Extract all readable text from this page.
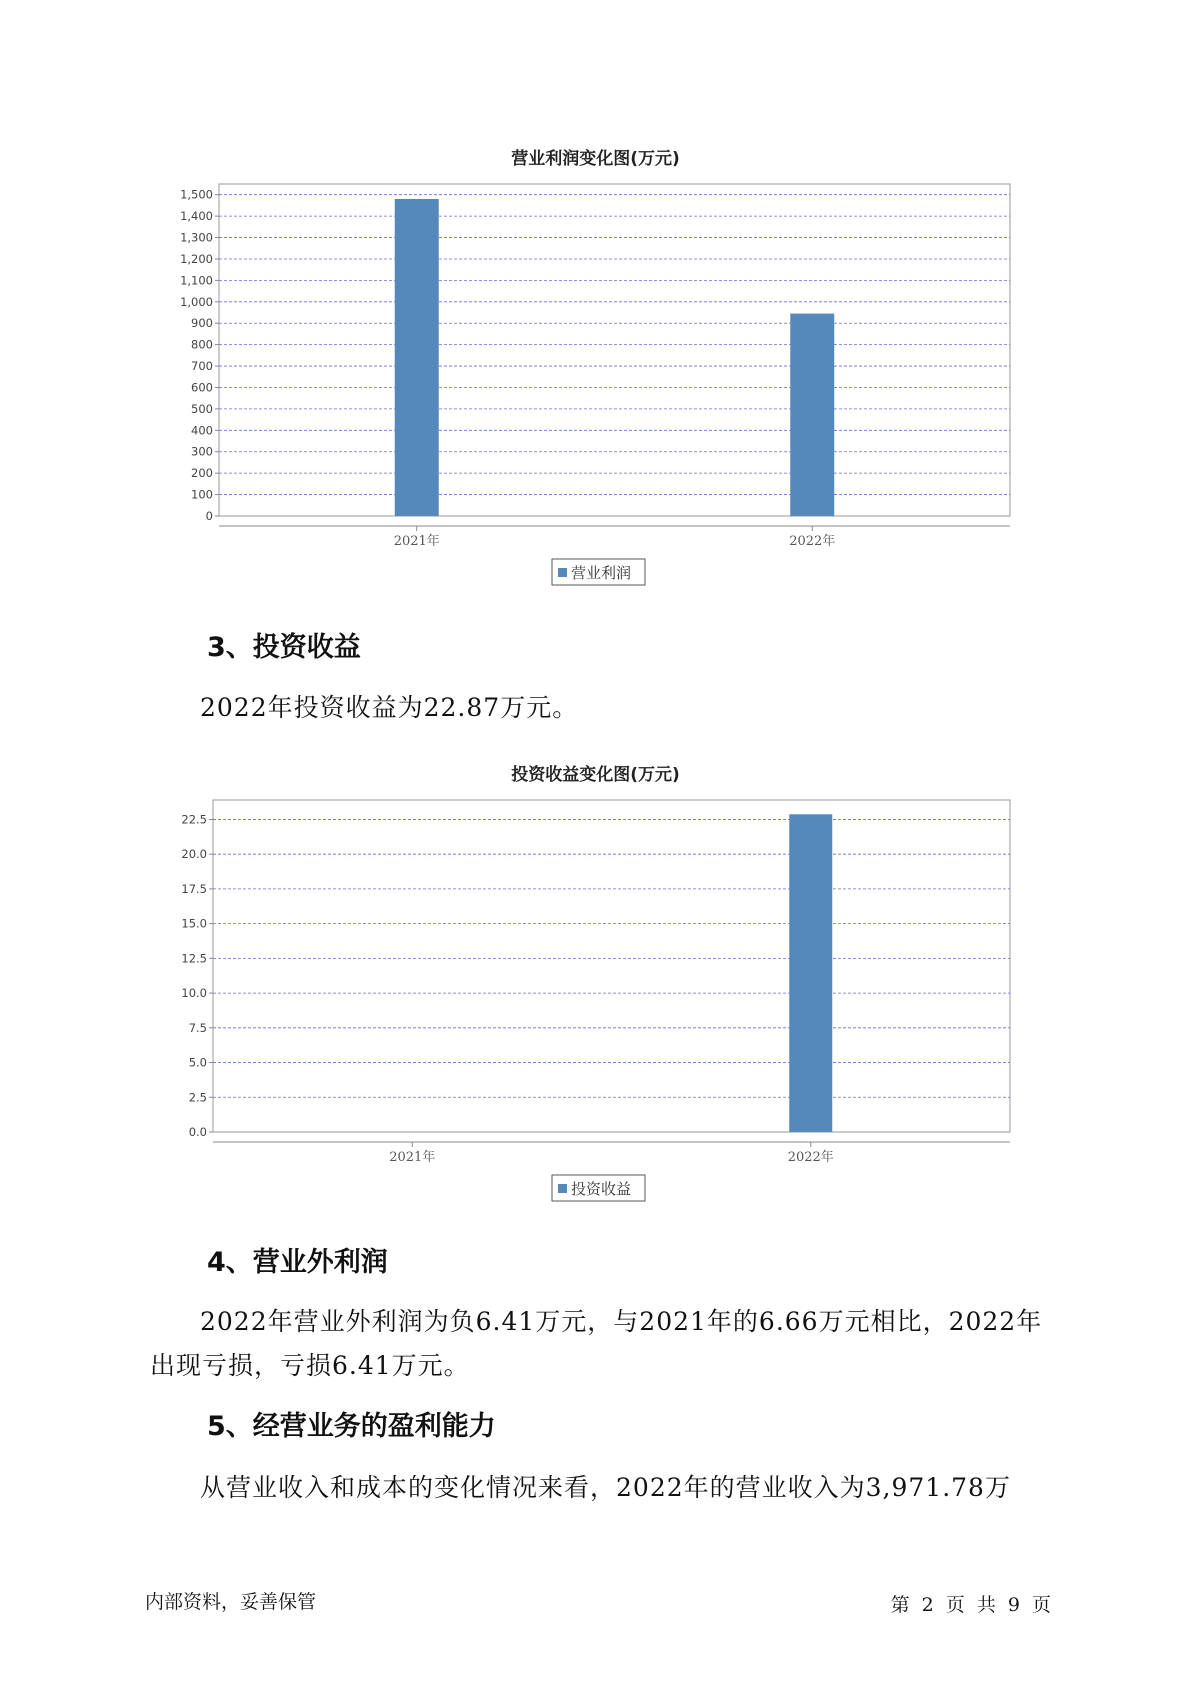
营业利润变化图(万元)
0
100
200
300
400
500
600
700
800
900
1,000
1,100
1,200
1,300
1,400
1,500
2021年	2022年
营业利润
3、投资收益

2022年投资收益为22.87万元。

投资收益变化图(万元)
0.0
2.5
5.0
7.5
10.0
12.5
15.0
17.5
20.0
22.5
2021年	2022年
投资收益
4、营业外利润

2022年营业外利润为负6.41万元，与2021年的6.66万元相比，2022年出现亏损，亏损6.41万元。

5、经营业务的盈利能力

从营业收入和成本的变化情况来看，2022年的营业收入为3,971.78万

内部资料，妥善保管	第 2 页 共 9 页
